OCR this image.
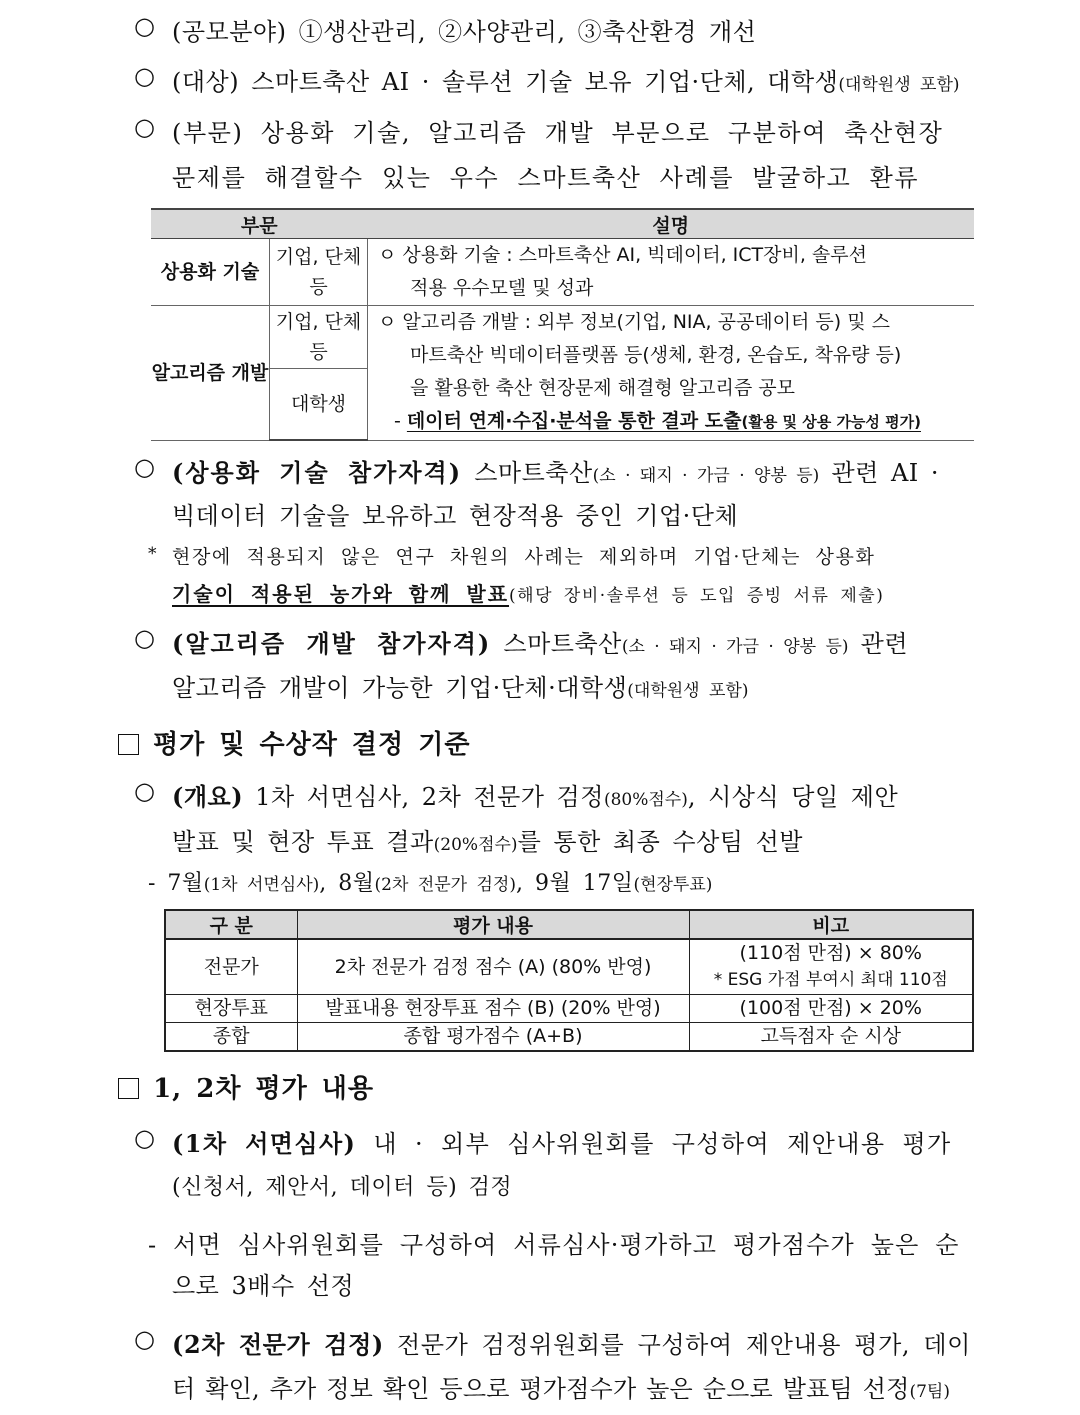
○ (공모분야) ①생산관리, ②사양관리, ③축산환경 개선
○ (대상) 스마트축산 AI · 솔루션 기술 보유 기업·단체, 대학생(대학원생 포함)
○ (부문) 상용화 기술, 알고리즘 개발 부문으로 구분하여 축산현장
문제를 해결할수 있는 우수 스마트축산 사례를 발굴하고 환류
부문		설명
상용화 기술	기업, 단체 등	ㅇ 상용화 기술 : 스마트축산 AI, 빅데이터, ICT장비, 솔루션
적용 우수모델 및 성과

알고리즘 개발	기업, 단체 등	ㅇ 알고리즘 개발 : 외부 정보(기업, NIA, 공공데이터 등) 및 스
마트축산 빅데이터플랫폼 등(생체, 환경, 온습도, 착유량 등)
을 활용한 축산 현장문제 해결형 알고리즘 공모
- 데이터 연계·수집·분석을 통한 결과 도출(활용 및 상용 가능성 평가)

	대학생	
○ (상용화 기술 참가자격) 스마트축산(소 · 돼지 · 가금 · 양봉 등) 관련 AI ·
빅데이터 기술을 보유하고 현장적용 중인 기업·단체
* 현장에 적용되지 않은 연구 차원의 사례는 제외하며 기업·단체는 상용화
기술이 적용된 농가와 함께 발표(해당 장비·솔루션 등 도입 증빙 서류 제출)
○ (알고리즘 개발 참가자격) 스마트축산(소 · 돼지 · 가금 · 양봉 등) 관련
알고리즘 개발이 가능한 기업·단체·대학생(대학원생 포함)
평가 및 수상작 결정 기준
○ (개요) 1차 서면심사, 2차 전문가 검정(80%점수), 시상식 당일 제안
발표 및 현장 투표 결과(20%점수)를 통한 최종 수상팀 선발
- 7월(1차 서면심사), 8월(2차 전문가 검정), 9월 17일(현장투표)
구 분	평가 내용	비고
전문가	2차 전문가 검정 점수 (A) (80% 반영)	(110점 만점) × 80%
* ESG 가점 부여시 최대 110점

현장투표	발표내용 현장투표 점수 (B) (20% 반영)	(100점 만점) × 20%
종합	종합 평가점수 (A+B)	고득점자 순 시상
1, 2차 평가 내용
○ (1차 서면심사) 내 · 외부 심사위원회를 구성하여 제안내용 평가
(신청서, 제안서, 데이터 등) 검정
- 서면 심사위원회를 구성하여 서류심사·평가하고 평가점수가 높은 순
으로 3배수 선정
○ (2차 전문가 검정) 전문가 검정위원회를 구성하여 제안내용 평가, 데이
터 확인, 추가 정보 확인 등으로 평가점수가 높은 순으로 발표팀 선정(7팀)
